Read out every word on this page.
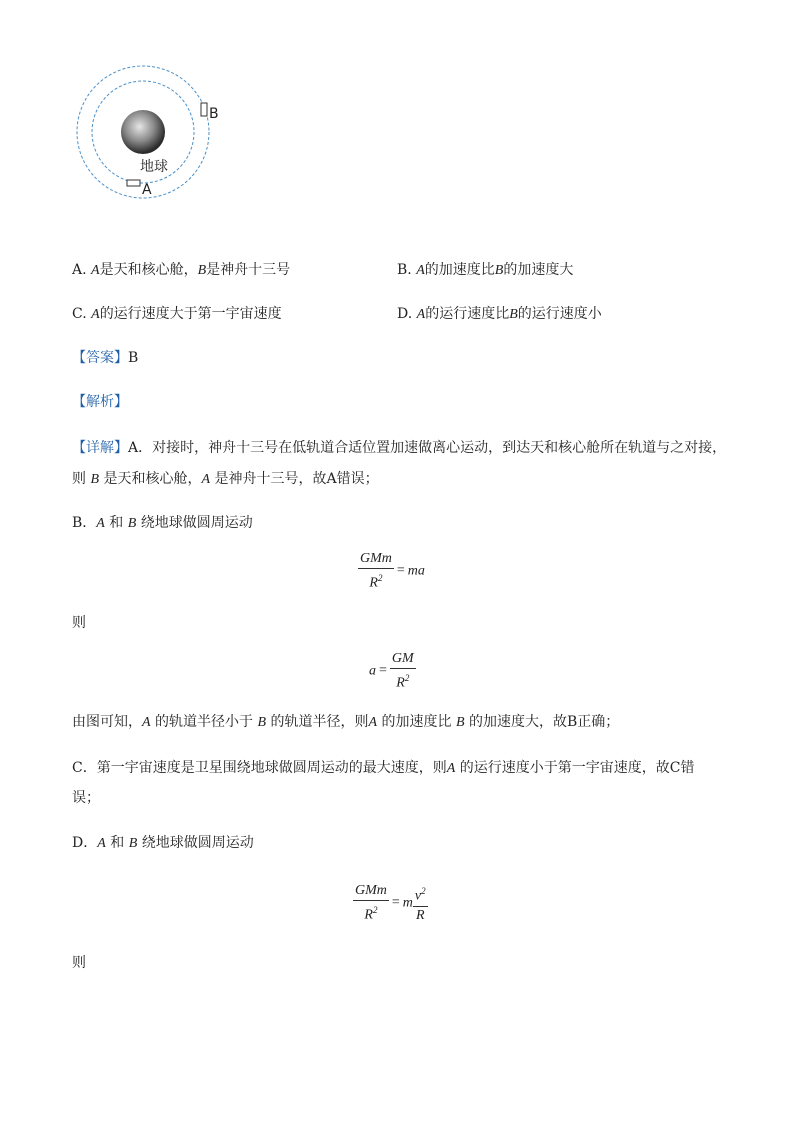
B
A
地球
A. A是天和核心舱，B是神舟十三号	B. A的加速度比B的加速度大
C. A的运行速度大于第一宇宙速度	D. A的运行速度比B的运行速度小
【答案】B
【解析】
【详解】A．对接时，神舟十三号在低轨道合适位置加速做离心运动，到达天和核心舱所在轨道与之对接，
则 B 是天和核心舱，A 是神舟十三号，故A错误；
B．A 和 B 绕地球做圆周运动
$\frac{\text{GMm}}{R^2}$ = ma
则
$a = \frac{GM}{R^2}$
由图可知，A 的轨道半径小于 B 的轨道半径，则A 的加速度比 B 的加速度大，故B正确；
C．第一宇宙速度是卫星围绕地球做圆周运动的最大速度，则A 的运行速度小于第一宇宙速度，故C错
误；
D．A 和 B 绕地球做圆周运动
$\frac{\text{GMm}}{R^2} = m \frac{v^2}{R}$
则
